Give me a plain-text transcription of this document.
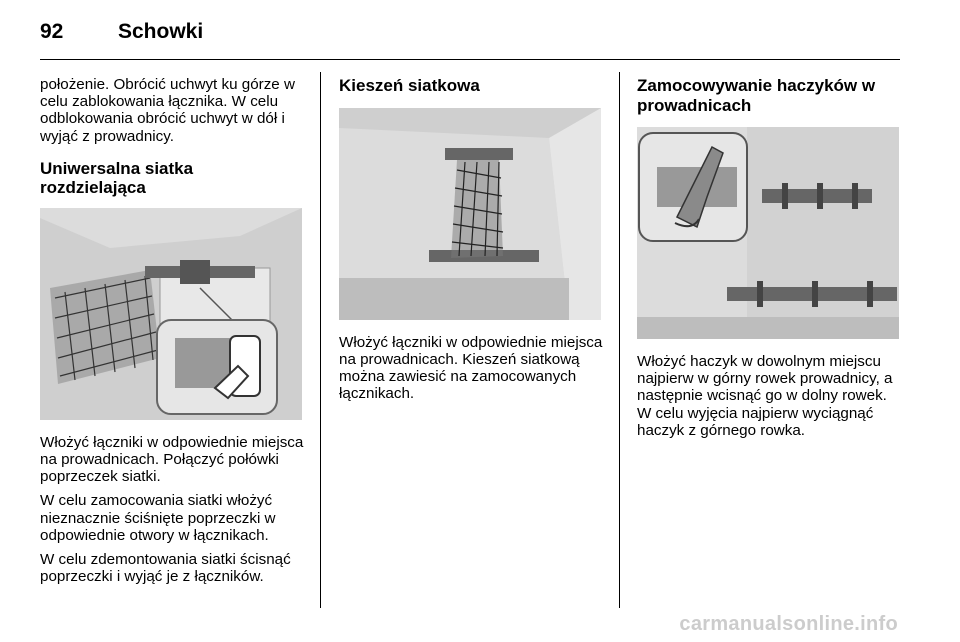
92	Schowki

położenie. Obrócić uchwyt ku górze w celu zablokowania łącznika. W celu odblokowania obrócić uchwyt w dół i wyjąć z prowadnicy.

Uniwersalna siatka rozdzielająca

Włożyć łączniki w odpowiednie miejsca na prowadnicach. Połączyć połówki poprzeczek siatki.

W celu zamocowania siatki włożyć nieznacznie ściśnięte poprzeczki w odpowiednie otwory w łącznikach.

W celu zdemontowania siatki ścisnąć poprzeczki i wyjąć je z łączników.

Kieszeń siatkowa

Włożyć łączniki w odpowiednie miejsca na prowadnicach. Kieszeń siatkową można zawiesić na zamocowanych łącznikach.

Zamocowywanie haczyków w prowadnicach

Włożyć haczyk w dowolnym miejscu najpierw w górny rowek prowadnicy, a następnie wcisnąć go w dolny rowek. W celu wyjęcia najpierw wyciągnąć haczyk z górnego rowka.

carmanualsonline.info
